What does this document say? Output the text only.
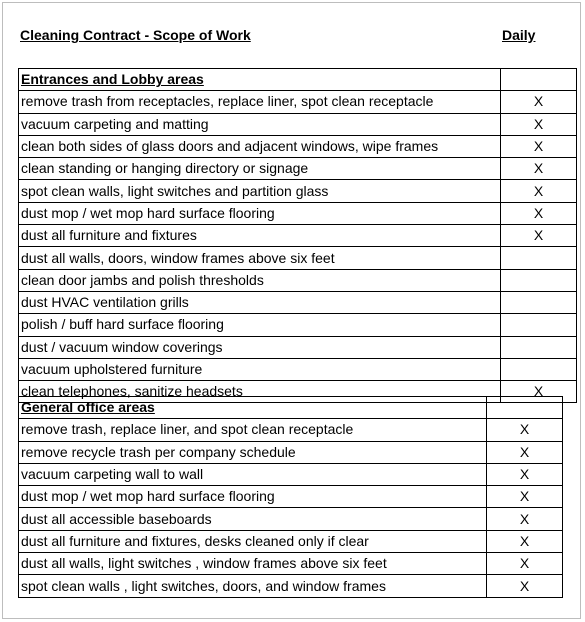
Cleaning Contract - Scope of Work	Daily
Entrances and Lobby areas	
remove trash from receptacles, replace liner, spot clean receptacle	X
vacuum carpeting and matting	X
clean both sides of glass doors and adjacent windows, wipe frames	X
clean standing or hanging directory or signage	X
spot clean walls, light switches and partition glass	X
dust mop / wet mop hard surface flooring	X
dust all furniture and fixtures	X
dust all walls, doors, window frames above six feet	
clean door jambs and polish thresholds	
dust HVAC ventilation grills	
polish / buff hard surface flooring	
dust / vacuum window coverings	
vacuum upholstered furniture	
clean telephones, sanitize headsets	X
General office areas	
remove trash, replace liner, and spot clean receptacle	X
remove recycle trash per company schedule	X
vacuum carpeting wall to wall	X
dust mop / wet mop hard surface flooring	X
dust all accessible baseboards	X
dust all furniture and fixtures, desks cleaned only if clear	X
dust all walls, light switches , window frames above six feet	X
spot clean walls , light switches, doors, and window frames	X
